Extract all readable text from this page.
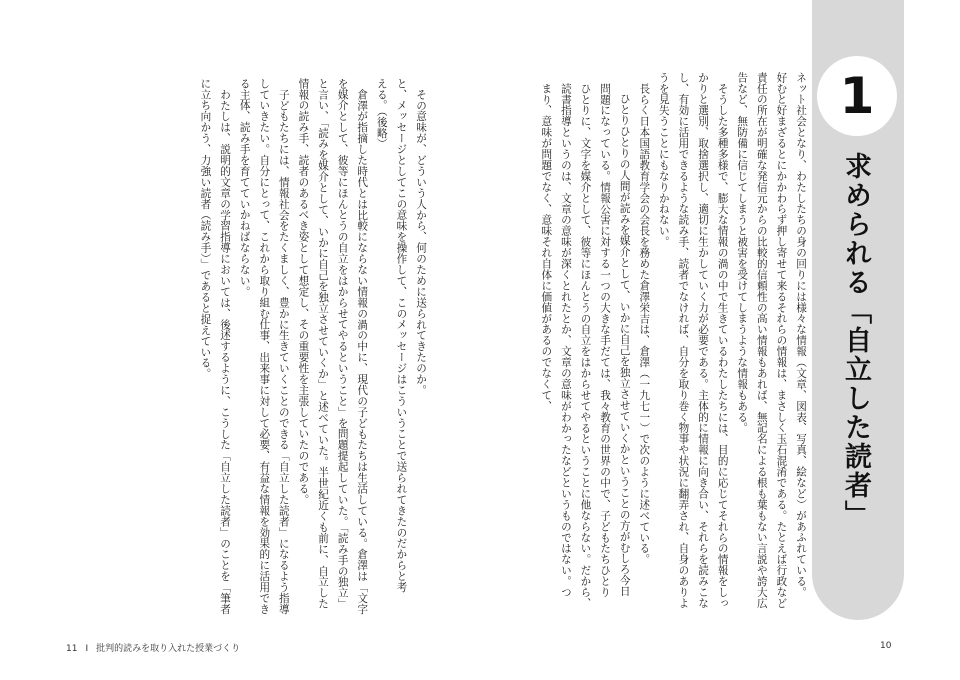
その意味が、どういう人から、何のために送られてきたのか。
と、メッセージとしてこの意味を操作して、このメッセージはこういうことで送られてきたのだからと考
える。（後略）
倉澤が指摘した時代とは比較にならない情報の渦の中に、現代の子どもたちは生活している。倉澤は「文字
を媒介として、彼等にほんとうの自立をはからせてやるということ」を問題提起していた。「読み手の独立」
と言い、「読みを媒介として、いかに自己を独立させていくか」と述べていた。半世紀近くも前に、自立した
情報の読み手、読者のあるべき姿として想定し、その重要性を主張していたのである。
子どもたちには、情報社会をたくましく、豊かに生きていくことのできる「自立した読者」になるよう指導
していきたい。自分にとって、これから取り組む仕事、出来事に対して必要、有益な情報を効果的に活用でき
る主体、読み手を育てていかねばならない。
わたしは、説明的文章の学習指導においては、後述するように、こうした「自立した読者」のことを「筆者
に立ち向かう、力強い読者（読み手）」であると捉えている。	ネット社会となり、わたしたちの身の回りには様々な情報（文章、図表、写真、絵など）があふれている。
好むと好まざるとにかかわらず押し寄せて来るそれらの情報は、まさしく玉石混淆である。たとえば行政など
責任の所在が明確な発信元からの比較的信頼性の高い情報もあれば、無記名による根も葉もない言説や誇大広
告など、無防備に信じてしまうと被害を受けてしまうような情報もある。
そうした多種多様で、膨大な情報の渦の中で生きているわたしたちには、目的に応じてそれらの情報をしっ
かりと選別、取捨選択し、適切に生かしていく力が必要である。主体的に情報に向き合い、それらを読みこな
し、有効に活用できるような読み手、読者でなければ、自分を取り巻く物事や状況に翻弄され、自身のありよ
うを見失うことにもなりかねない。
長らく日本国語教育学会の会長を務めた倉澤栄吉は、倉澤（一九七一）で次のように述べている。
ひとりひとりの人間が読みを媒介として、いかに自己を独立させていくかということの方がむしろ今日
問題になっている。情報公害に対する一つの大きな手だては、我々教育の世界の中で、子どもたちひとり
ひとりに、文字を媒介として、彼等にほんとうの自立をはからせてやるということに他ならない。だから、
読書指導というのは、文章の意味が深くとれたとか、文章の意味がわかったなどというものではない。つ
まり、意味が問題でなく、意味それ自体に価値があるのでなくて、	1
求められる「自立した読者」
11 Ⅰ 批判的読みを取り入れた授業づくり	10
